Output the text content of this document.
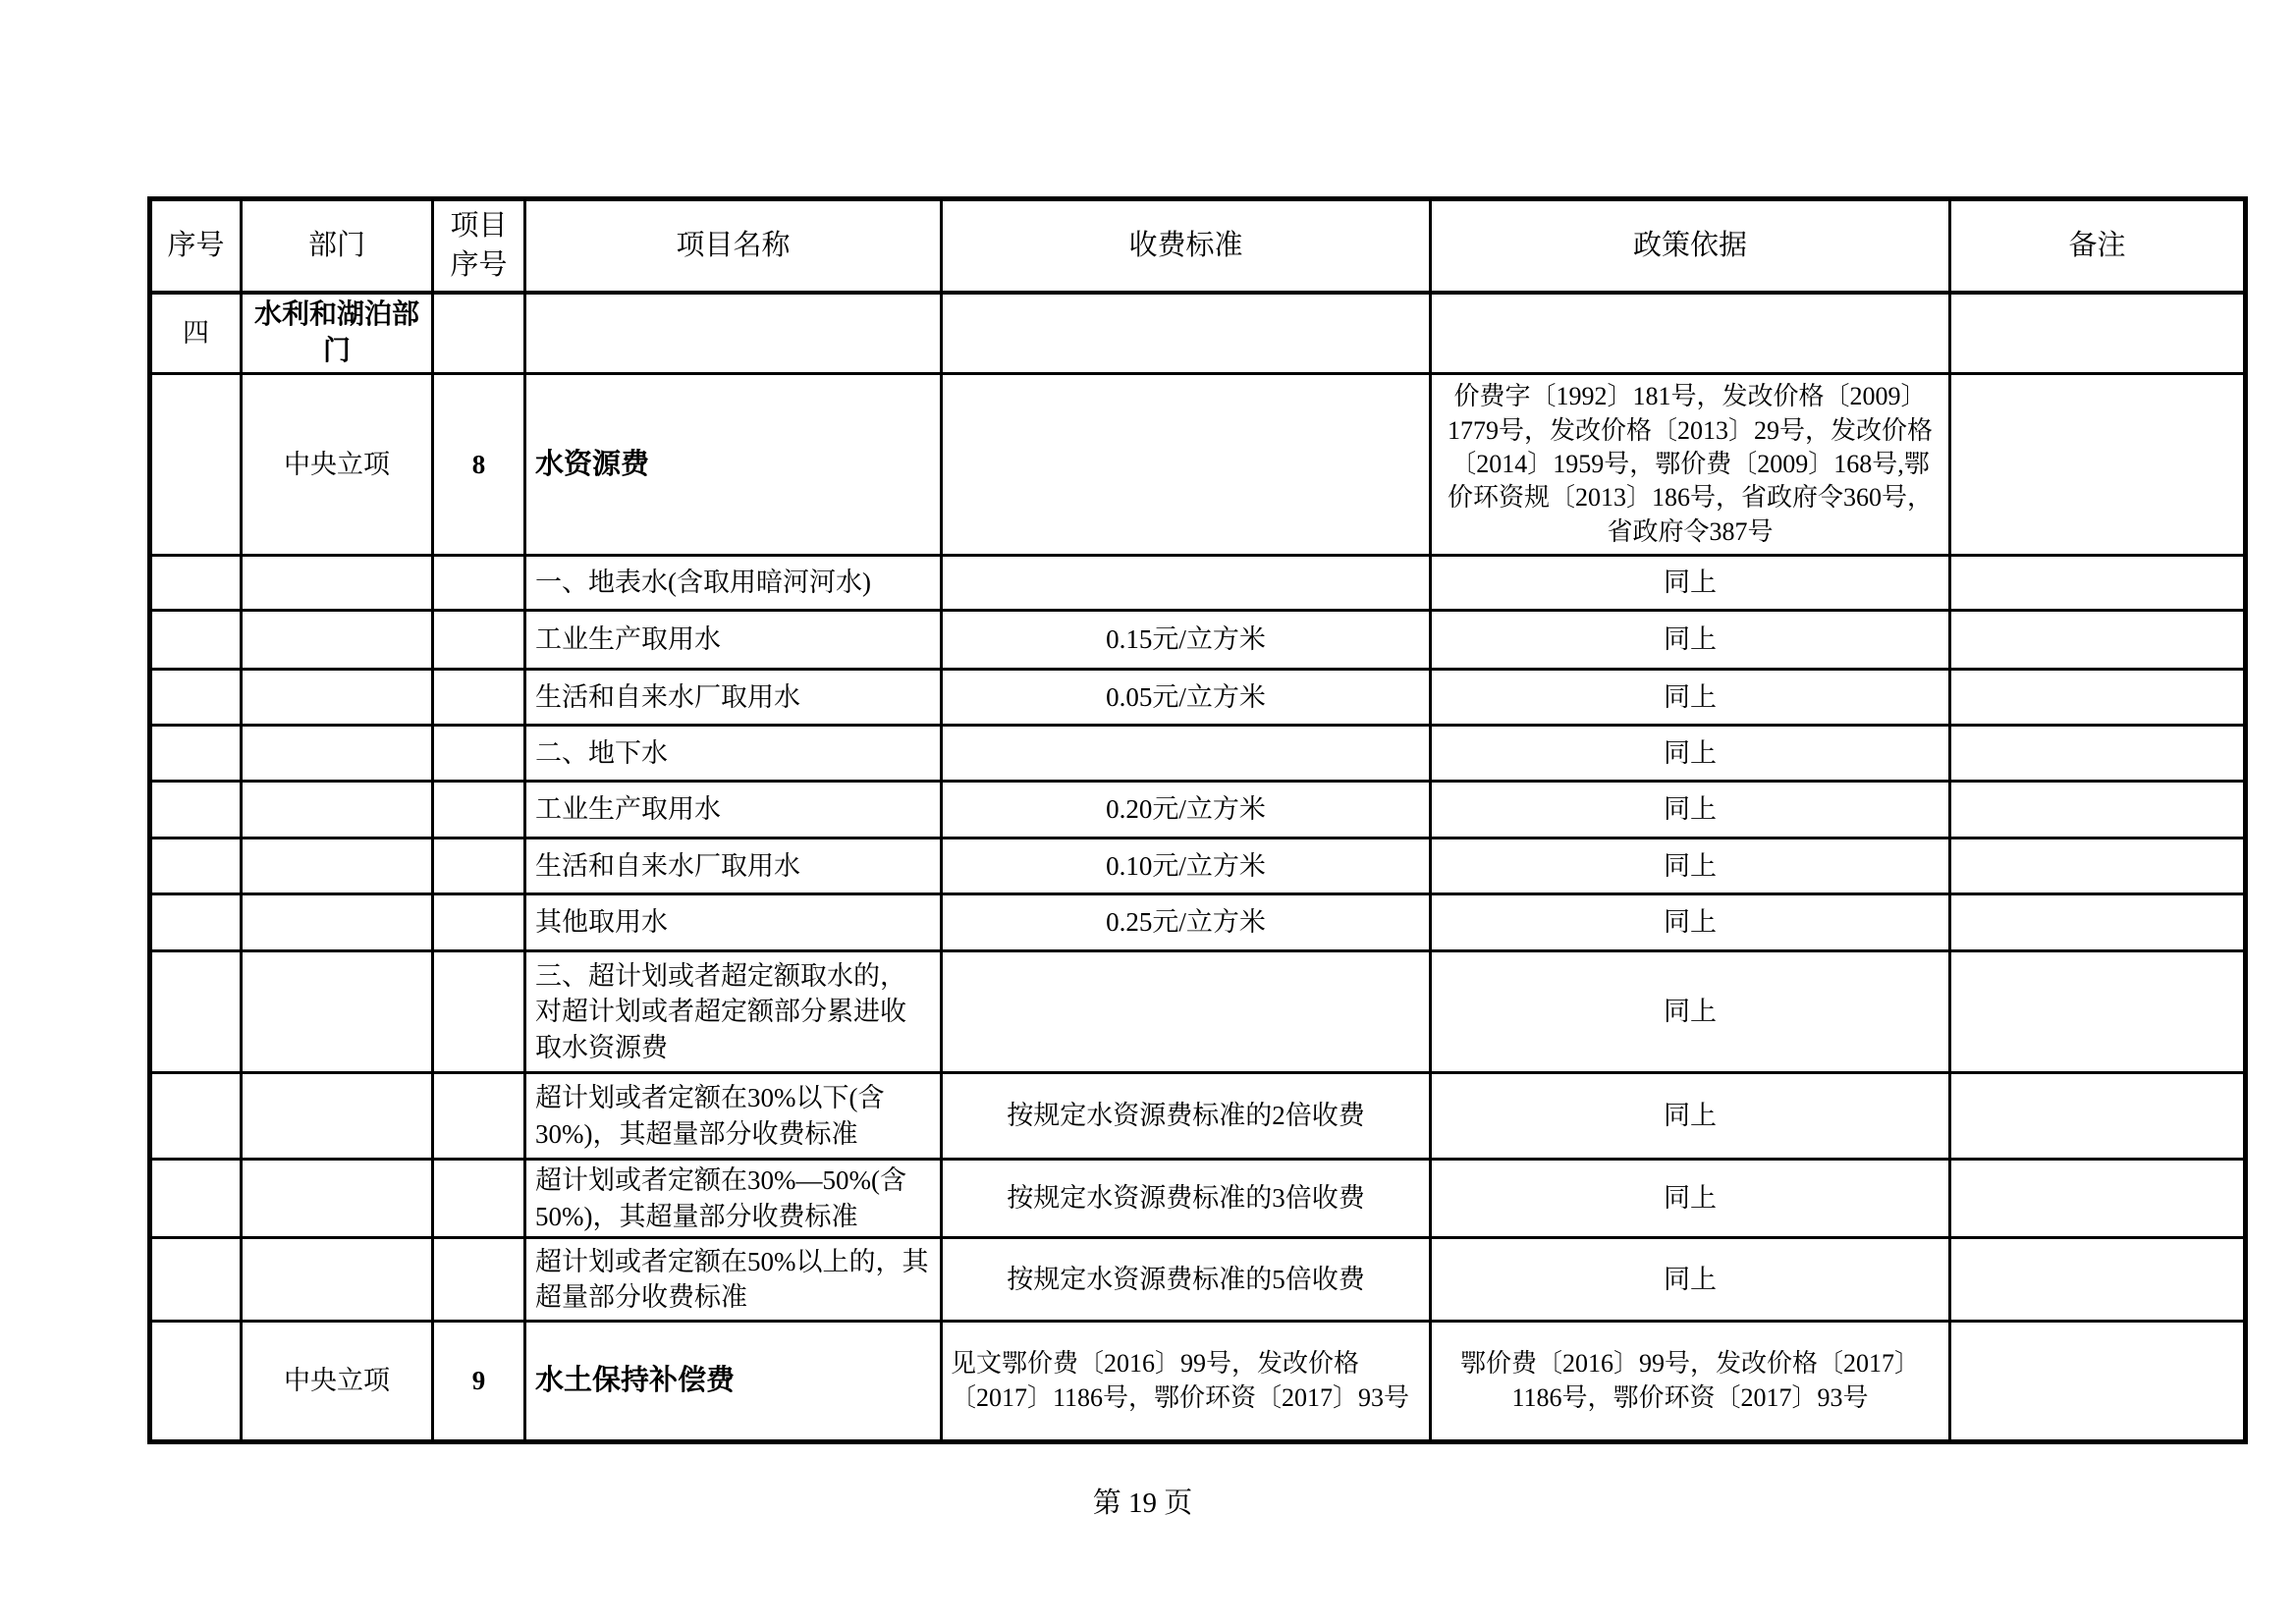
序号	部门	项目序号	项目名称	收费标准	政策依据	备注
四	水利和湖泊部门					
	中央立项	8	水资源费		价费字〔1992〕181号，发改价格〔2009〕1779号，发改价格〔2013〕29号，发改价格〔2014〕1959号，鄂价费〔2009〕168号,鄂价环资规〔2013〕186号，省政府令360号，省政府令387号	
			一、地表水(含取用暗河河水)		同上	
			工业生产取用水	0.15元/立方米	同上	
			生活和自来水厂取用水	0.05元/立方米	同上	
			二、地下水		同上	
			工业生产取用水	0.20元/立方米	同上	
			生活和自来水厂取用水	0.10元/立方米	同上	
			其他取用水	0.25元/立方米	同上	
			三、超计划或者超定额取水的，对超计划或者超定额部分累进收取水资源费		同上	
			超计划或者定额在30%以下(含30%)，其超量部分收费标准	按规定水资源费标准的2倍收费	同上	
			超计划或者定额在30%—50%(含50%)，其超量部分收费标准	按规定水资源费标准的3倍收费	同上	
			超计划或者定额在50%以上的，其超量部分收费标准	按规定水资源费标准的5倍收费	同上	
	中央立项	9	水土保持补偿费	见文鄂价费〔2016〕99号，发改价格〔2017〕1186号，鄂价环资〔2017〕93号	鄂价费〔2016〕99号，发改价格〔2017〕1186号，鄂价环资〔2017〕93号	
第 19 页
